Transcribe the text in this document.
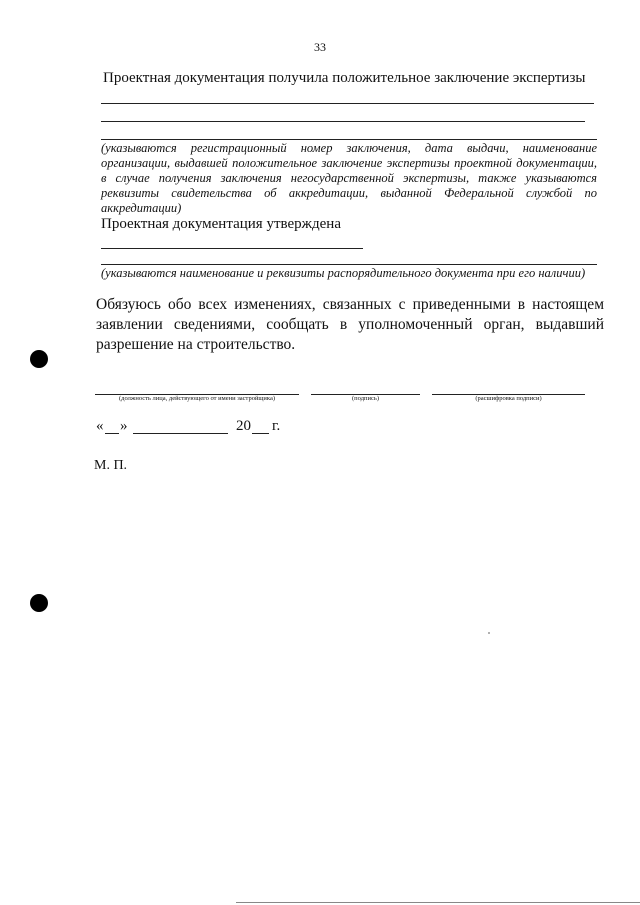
33
Проектная документация получила положительное заключение экспертизы
(указываются регистрационный номер заключения, дата выдачи, наименование организации, выдавшей положительное заключение экспертизы проектной документации, в случае получения заключения негосударственной экспертизы, также указываются реквизиты свидетельства об аккредитации, выданной Федеральной службой по аккредитации)
Проектная документация утверждена
(указываются наименование и реквизиты распорядительного документа при его наличии)
Обязуюсь обо всех изменениях, связанных с приведенными в настоящем заявлении сведениями, сообщать в уполномоченный орган, выдавший разрешение на строительство.
(должность лица, действующего от имени застройщика)	(подпись)	(расшифровка подписи)
« »	20 г.
М. П.
